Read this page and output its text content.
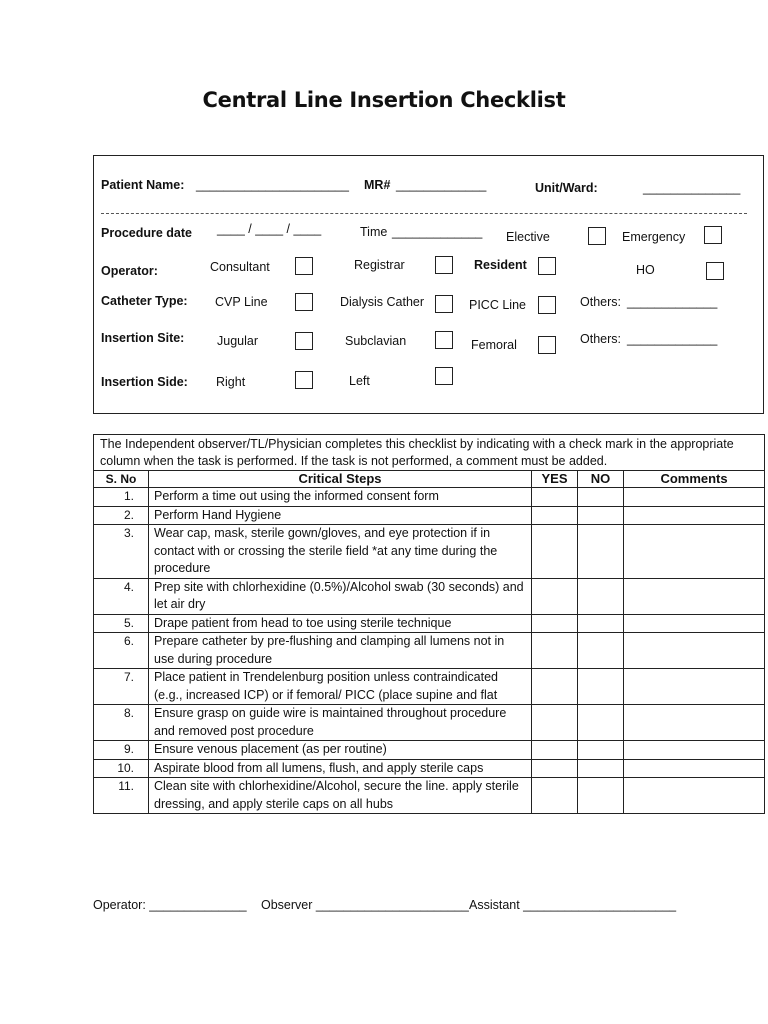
Central Line Insertion Checklist
Patient Name: ______________________ MR# _____________	Unit/Ward:	______________
Procedure date ____ / ____ / ____	Time _____________ Elective	Emergency
Operator:	Consultant	Registrar	Resident	HO
Catheter Type: CVP Line	Dialysis Cather	PICC Line	Others: _____________
Insertion Site:	Jugular	Subclavian	Femoral	Others: _____________
Insertion Side: Right	Left
The Independent observer/TL/Physician completes this checklist by indicating with a check mark in the appropriate column when the task is performed. If the task is not performed, a comment must be added.				
S. No	Critical Steps	YES	NO	Comments
1.	Perform a time out using the informed consent form			
2.	Perform Hand Hygiene			
3.	Wear cap, mask, sterile gown/gloves, and eye protection if in contact with or crossing the sterile field *at any time during the procedure			
4.	Prep site with chlorhexidine (0.5%)/Alcohol swab (30 seconds) and let air dry			
5.	Drape patient from head to toe using sterile technique			
6.	Prepare catheter by pre-flushing and clamping all lumens not in use during procedure			
7.	Place patient in Trendelenburg position unless contraindicated (e.g., increased ICP) or if femoral/ PICC (place supine and flat			
8.	Ensure grasp on guide wire is maintained throughout procedure and removed post procedure			
9.	Ensure venous placement (as per routine)			
10.	Aspirate blood from all lumens, flush, and apply sterile caps			
11.	Clean site with chlorhexidine/Alcohol, secure the line. apply sterile dressing, and apply sterile caps on all hubs			
Operator: ______________ Observer ______________________ Assistant ______________________
